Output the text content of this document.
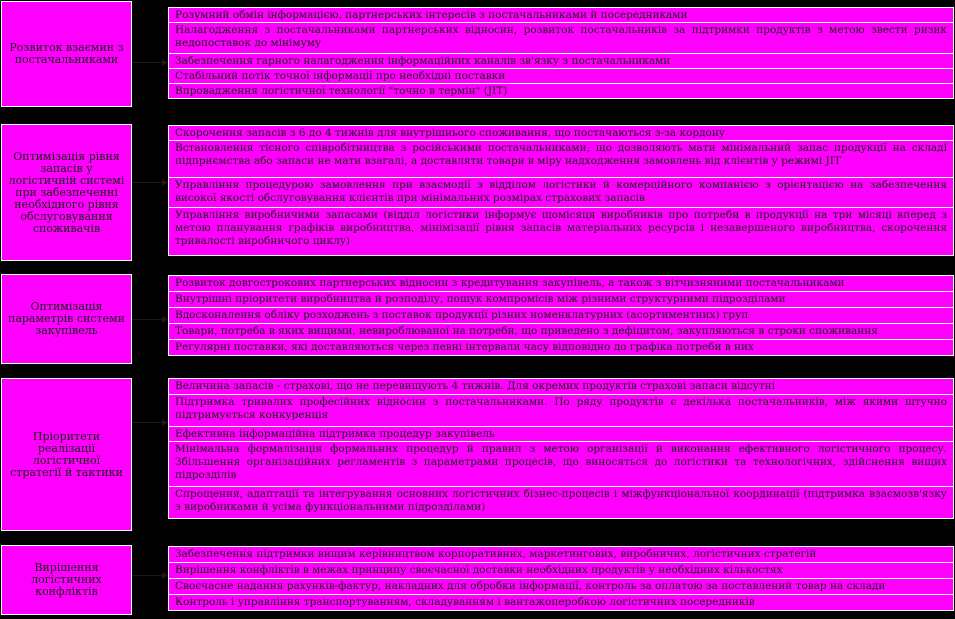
Розвиток взаємин з постачальниками
Розумний обмін інформацією, партнерських інтересів з постачальниками й посередниками
Налагодження з постачальниками партнерських відносин, розвиток постачальників за підтримки продуктів з метою звести ризик недопоставок до мінімуму
Забезпечення гарного налагодження інформаційних каналів зв'язку з постачальниками
Стабільний потік точної інформації про необхідні поставки
Впровадження логістичної технології "точно в термін" (JIT)
Оптимізація рівня запасів у логістичній системі при забезпеченні необхідного рівня обслуговування споживачів
Скорочення запасів з 6 до 4 тижнів для внутрішнього споживання, що постачаються з-за кордону
Встановлення тісного співробітництва з російськими постачальниками, що дозволяють мати мінімальний запас продукції на складі підприємства або запаси не мати взагалі, а доставляти товари в міру надходження замовлень від клієнтів у режимі JIT
Управління процедурою замовлення при взаємодії з відділом логістики й комерційного компанією з орієнтацією на забезпечення високої якості обслуговування клієнтів при мінімальних розмірах страхових запасів
Управління виробничими запасами (відділ логістики інформує щомісяця виробників про потреби в продукції на три місяці вперед з метою планування графіків виробництва, мінімізації рівня запасів матеріальних ресурсів і незавершеного виробництва, скорочення тривалості виробничого циклу)
Оптимізація параметрів системи закупівель
Розвиток довгострокових партнерських відносин з кредитування закупівель, а також з вітчизняними постачальниками
Внутрішні пріоритети виробництва й розподілу, пошук компромісів між різними структурними підрозділами
Вдосконалення обліку розходжень з поставок продукції різних номенклатурних (асортиментних) груп
Товари, потреба в яких вищими, невироблюваної на потреби, що приведено з дефіцитом, закупляються в строки споживання
Регулярні поставки, які доставляються через певні інтервали часу відповідно до графіка потреби в них
Пріоритети реалізації логістичної стратегії й тактики
Величина запасів - страхові, що не перевищують 4 тижнів. Для окремих продуктів страхові запаси відсутні
Підтримка тривалих професійних відносин з постачальниками. По ряду продуктів є декілька постачальників, між якими штучно підтримується конкуренція
Ефективна інформаційна підтримка процедур закупівель
Мінімальна формалізація формальних процедур й правил з метою організації й виконання ефективного логістичного процесу. Збільшення організаційних регламентів з параметрами процесів, що виносяться до логістики та технологічних, здійснення вищих підрозділів
Спрощення, адаптації та інтегрування основних логістичних бізнес-процесів і міжфункціональної координації (підтримка взаємозв'язку з виробниками й усіма функціональними підрозділами)
Вирішення логістичних конфліктів
Забезпечення підтримки вищим керівництвом корпоративних, маркетингових, виробничих, логістичних стратегій
Вирішення конфліктів в межах принципу своєчасної доставки необхідних продуктів у необхідних кількостях
Своєчасне надання рахунків-фактур, накладних для обробки інформації, контроль за оплатою за поставлений товар на склади
Контроль і управління транспортуванням, складуванням і вантажоперобкою логістичних посередників
